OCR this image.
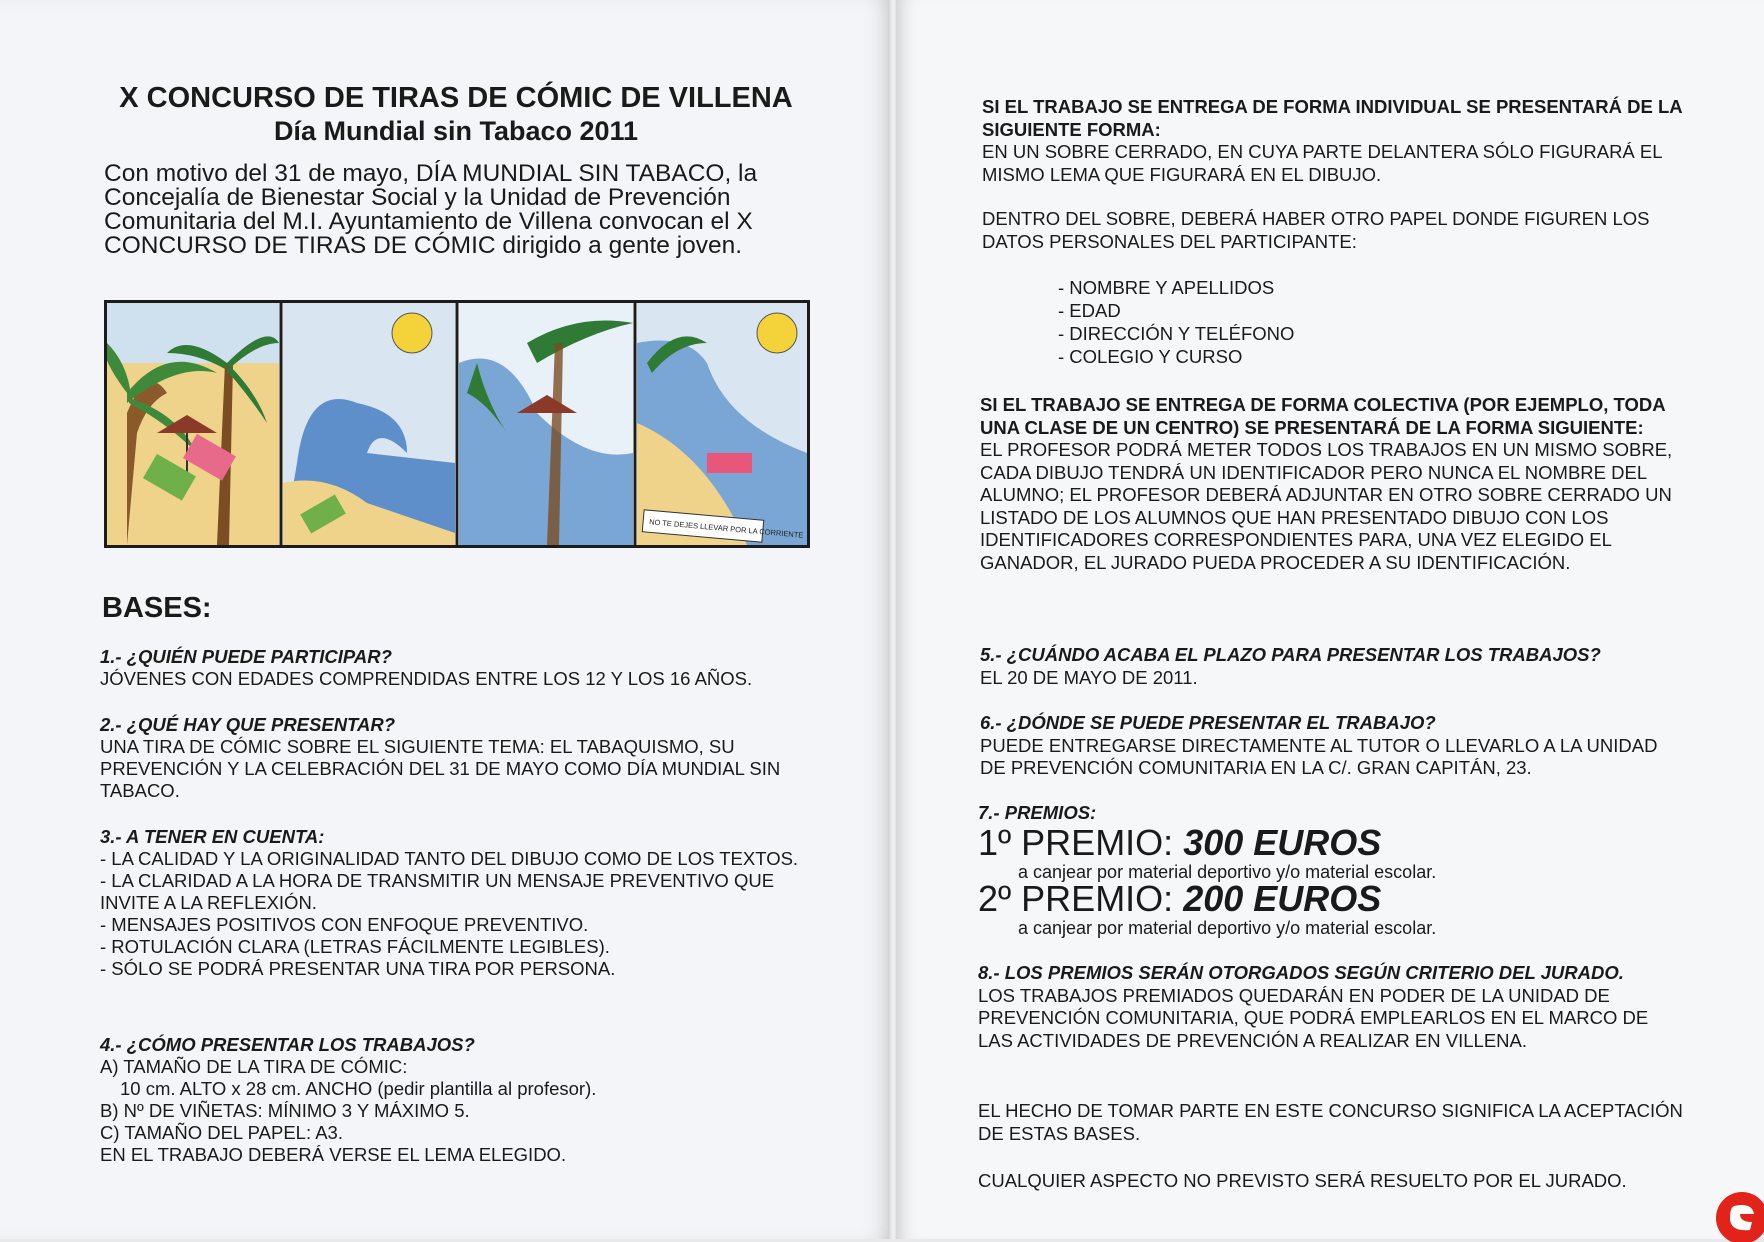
X CONCURSO DE TIRAS DE CÓMIC DE VILLENA
Día Mundial sin Tabaco 2011

Con motivo del 31 de mayo, DÍA MUNDIAL SIN TABACO, la Concejalía de Bienestar Social y la Unidad de Prevención Comunitaria del M.I. Ayuntamiento de Villena convocan el X CONCURSO DE TIRAS DE CÓMIC dirigido a gente joven.

NO TE DEJES LLEVAR POR LA CORRIENTE
BASES:
1.- ¿QUIÉN PUEDE PARTICIPAR?
JÓVENES CON EDADES COMPRENDIDAS ENTRE LOS 12 Y LOS 16 AÑOS.
2.- ¿QUÉ HAY QUE PRESENTAR?
UNA TIRA DE CÓMIC SOBRE EL SIGUIENTE TEMA: EL TABAQUISMO, SU PREVENCIÓN Y LA CELEBRACIÓN DEL 31 DE MAYO COMO DÍA MUNDIAL SIN TABACO.
3.- A TENER EN CUENTA:
- LA CALIDAD Y LA ORIGINALIDAD TANTO DEL DIBUJO COMO DE LOS TEXTOS.
- LA CLARIDAD A LA HORA DE TRANSMITIR UN MENSAJE PREVENTIVO QUE INVITE A LA REFLEXIÓN.
- MENSAJES POSITIVOS CON ENFOQUE PREVENTIVO.
- ROTULACIÓN CLARA (LETRAS FÁCILMENTE LEGIBLES).
- SÓLO SE PODRÁ PRESENTAR UNA TIRA POR PERSONA.
4.- ¿CÓMO PRESENTAR LOS TRABAJOS?
A) TAMAÑO DE LA TIRA DE CÓMIC:
10 cm. ALTO x 28 cm. ANCHO (pedir plantilla al profesor).
B) Nº DE VIÑETAS: MÍNIMO 3 Y MÁXIMO 5.
C) TAMAÑO DEL PAPEL: A3.
EN EL TRABAJO DEBERÁ VERSE EL LEMA ELEGIDO.
SI EL TRABAJO SE ENTREGA DE FORMA INDIVIDUAL SE PRESENTARÁ DE LA SIGUIENTE FORMA:
EN UN SOBRE CERRADO, EN CUYA PARTE DELANTERA SÓLO FIGURARÁ EL MISMO LEMA QUE FIGURARÁ EN EL DIBUJO.
DENTRO DEL SOBRE, DEBERÁ HABER OTRO PAPEL DONDE FIGUREN LOS DATOS PERSONALES DEL PARTICIPANTE:
- NOMBRE Y APELLIDOS
- EDAD
- DIRECCIÓN Y TELÉFONO
- COLEGIO Y CURSO
SI EL TRABAJO SE ENTREGA DE FORMA COLECTIVA (POR EJEMPLO, TODA UNA CLASE DE UN CENTRO) SE PRESENTARÁ DE LA FORMA SIGUIENTE:
EL PROFESOR PODRÁ METER TODOS LOS TRABAJOS EN UN MISMO SOBRE, CADA DIBUJO TENDRÁ UN IDENTIFICADOR PERO NUNCA EL NOMBRE DEL ALUMNO; EL PROFESOR DEBERÁ ADJUNTAR EN OTRO SOBRE CERRADO UN LISTADO DE LOS ALUMNOS QUE HAN PRESENTADO DIBUJO CON LOS IDENTIFICADORES CORRESPONDIENTES PARA, UNA VEZ ELEGIDO EL GANADOR, EL JURADO PUEDA PROCEDER A SU IDENTIFICACIÓN.
5.- ¿CUÁNDO ACABA EL PLAZO PARA PRESENTAR LOS TRABAJOS?
EL 20 DE MAYO DE 2011.
6.- ¿DÓNDE SE PUEDE PRESENTAR EL TRABAJO?
PUEDE ENTREGARSE DIRECTAMENTE AL TUTOR O LLEVARLO A LA UNIDAD DE PREVENCIÓN COMUNITARIA EN LA C/. GRAN CAPITÁN, 23.
7.- PREMIOS:
1º PREMIO: 300 EUROS
a canjear por material deportivo y/o material escolar.
2º PREMIO: 200 EUROS
a canjear por material deportivo y/o material escolar.
8.- LOS PREMIOS SERÁN OTORGADOS SEGÚN CRITERIO DEL JURADO.
LOS TRABAJOS PREMIADOS QUEDARÁN EN PODER DE LA UNIDAD DE PREVENCIÓN COMUNITARIA, QUE PODRÁ EMPLEARLOS EN EL MARCO DE LAS ACTIVIDADES DE PREVENCIÓN A REALIZAR EN VILLENA.
EL HECHO DE TOMAR PARTE EN ESTE CONCURSO SIGNIFICA LA ACEPTACIÓN DE ESTAS BASES.
CUALQUIER ASPECTO NO PREVISTO SERÁ RESUELTO POR EL JURADO.
